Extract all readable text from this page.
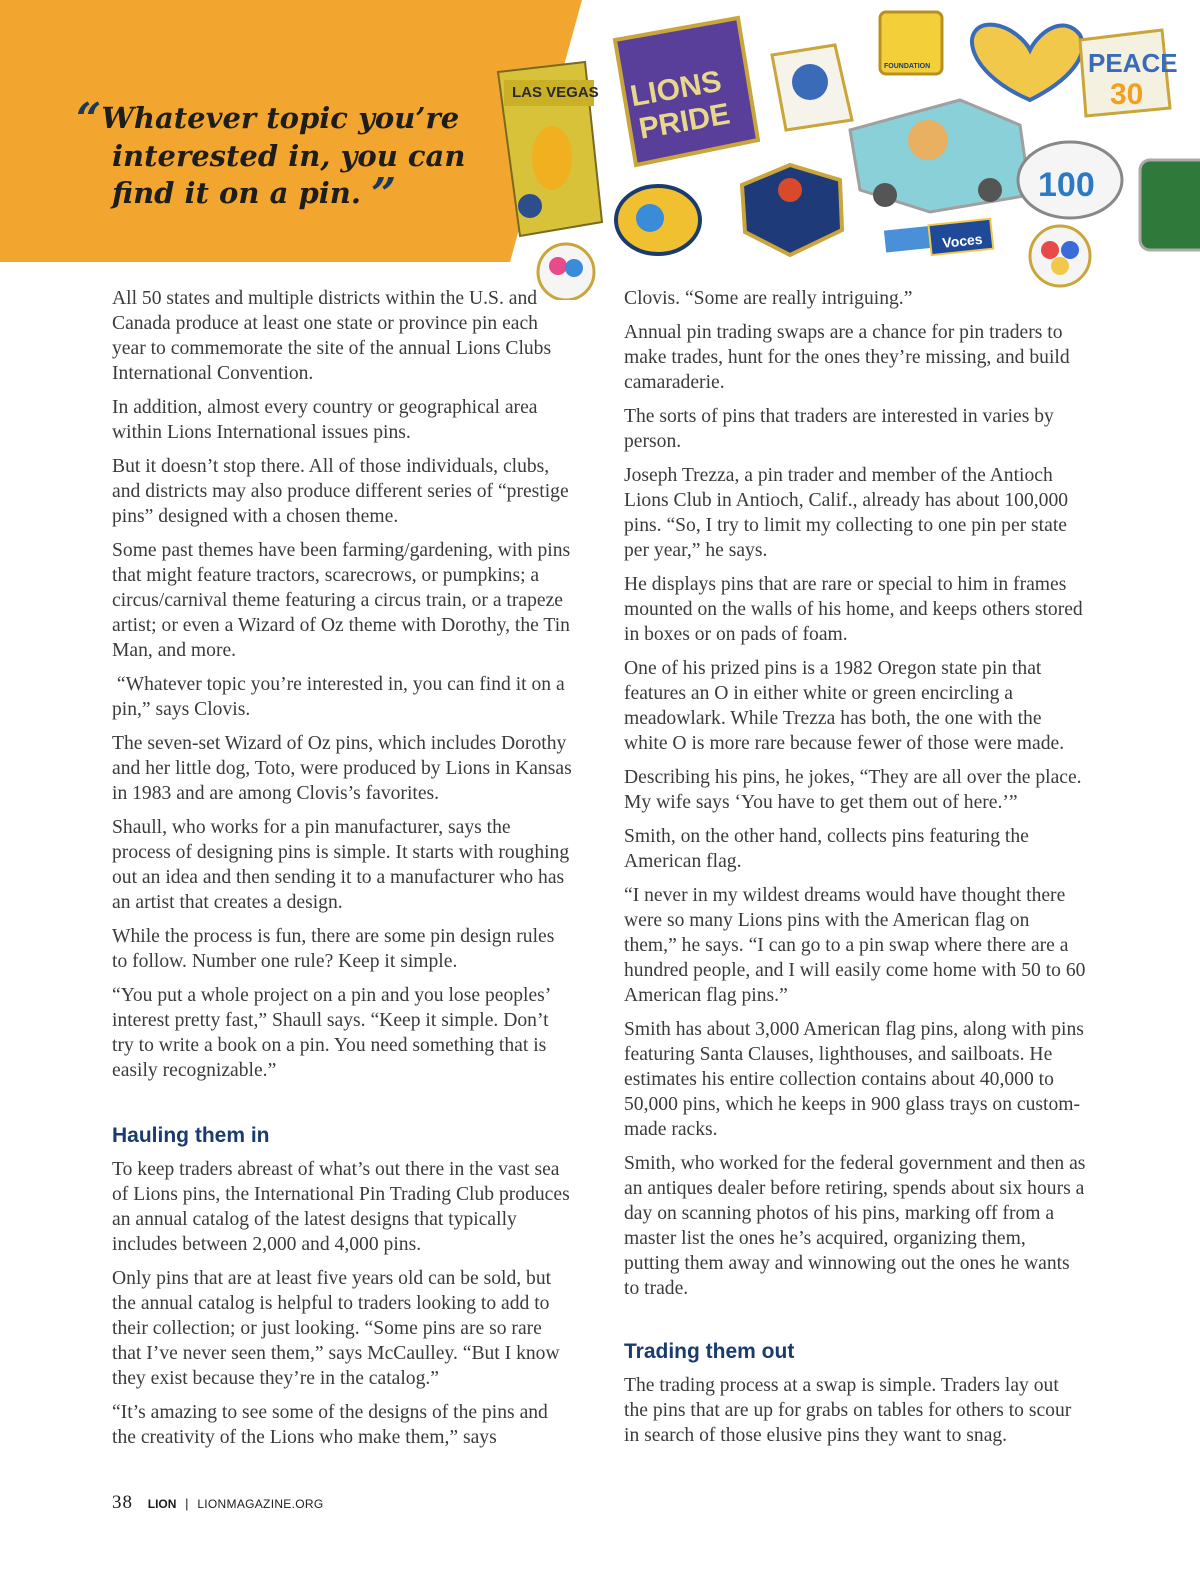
“Whatever topic you’re
interested in, you can
find it on a pin. ”
LAS VEGAS LIONS
PRIDE
FOUNDATION	PEACE
30
100
Voces

All 50 states and multiple districts within the U.S. and Canada produce at least one state or province pin each year to commemorate the site of the annual Lions Clubs International Convention.

In addition, almost every country or geographical area within Lions International issues pins.

But it doesn’t stop there. All of those individuals, clubs, and districts may also produce different series of “prestige pins” designed with a chosen theme.

Some past themes have been farming/gardening, with pins that might feature tractors, scarecrows, or pumpkins; a circus/carnival theme featuring a circus train, or a trapeze artist; or even a Wizard of Oz theme with Dorothy, the Tin Man, and more.

“Whatever topic you’re interested in, you can find it on a pin,” says Clovis.

The seven-set Wizard of Oz pins, which includes Dorothy and her little dog, Toto, were produced by Lions in Kansas in 1983 and are among Clovis’s favorites.

Shaull, who works for a pin manufacturer, says the process of designing pins is simple. It starts with roughing out an idea and then sending it to a manufacturer who has an artist that creates a design.

While the process is fun, there are some pin design rules to follow. Number one rule? Keep it simple.

“You put a whole project on a pin and you lose peoples’ interest pretty fast,” Shaull says. “Keep it simple. Don’t try to write a book on a pin. You need something that is easily recognizable.”

Hauling them in

To keep traders abreast of what’s out there in the vast sea of Lions pins, the International Pin Trading Club produces an annual catalog of the latest designs that typically includes between 2,000 and 4,000 pins.

Only pins that are at least five years old can be sold, but the annual catalog is helpful to traders looking to add to their collection; or just looking. “Some pins are so rare that I’ve never seen them,” says McCaulley. “But I know they exist because they’re in the catalog.”

“It’s amazing to see some of the designs of the pins and the creativity of the Lions who make them,” says

Clovis. “Some are really intriguing.”

Annual pin trading swaps are a chance for pin traders to make trades, hunt for the ones they’re missing, and build camaraderie.

The sorts of pins that traders are interested in varies by person.

Joseph Trezza, a pin trader and member of the Antioch Lions Club in Antioch, Calif., already has about 100,000 pins. “So, I try to limit my collecting to one pin per state per year,” he says.

He displays pins that are rare or special to him in frames mounted on the walls of his home, and keeps others stored in boxes or on pads of foam.

One of his prized pins is a 1982 Oregon state pin that features an O in either white or green encircling a meadowlark. While Trezza has both, the one with the white O is more rare because fewer of those were made.

Describing his pins, he jokes, “They are all over the place. My wife says ‘You have to get them out of here.’”

Smith, on the other hand, collects pins featuring the American flag.

“I never in my wildest dreams would have thought there were so many Lions pins with the American flag on them,” he says. “I can go to a pin swap where there are a hundred people, and I will easily come home with 50 to 60 American flag pins.”

Smith has about 3,000 American flag pins, along with pins featuring Santa Clauses, lighthouses, and sailboats. He estimates his entire collection contains about 40,000 to 50,000 pins, which he keeps in 900 glass trays on custom-made racks.

Smith, who worked for the federal government and then as an antiques dealer before retiring, spends about six hours a day on scanning photos of his pins, marking off from a master list the ones he’s acquired, organizing them, putting them away and winnowing out the ones he wants to trade.

Trading them out

The trading process at a swap is simple. Traders lay out the pins that are up for grabs on tables for others to scour in search of those elusive pins they want to snag.

38 LION | LIONMAGAZINE.ORG
